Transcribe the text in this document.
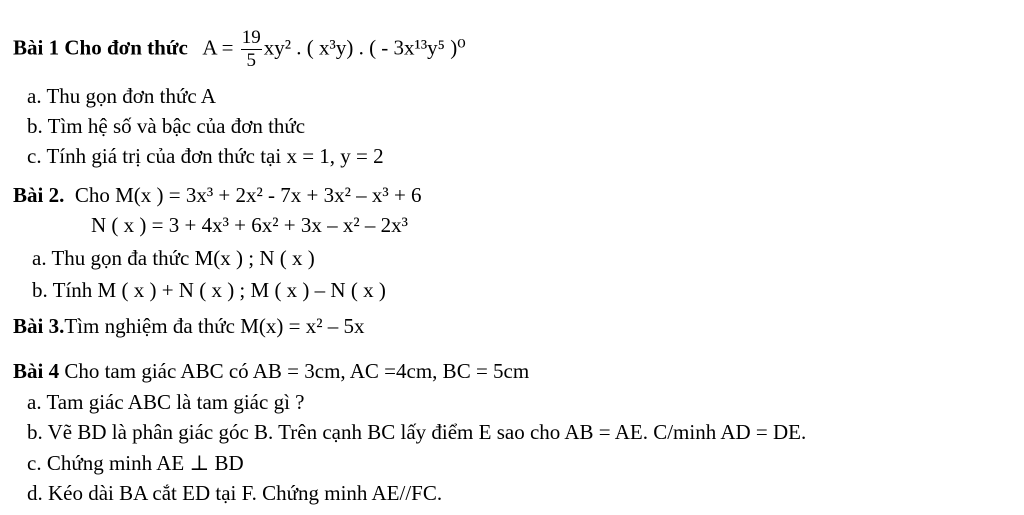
Bài 1 Cho đơn thức $A = \frac{19}{5} xy^2$ . ( x³y) . ( - 3x¹³y⁵ )⁰
a. Thu gọn đơn thức A
b. Tìm hệ số và bậc của đơn thức
c. Tính giá trị của đơn thức tại x = 1, y = 2
Bài 2. Cho M(x ) = 3x³ + 2x² - 7x + 3x² – x³ + 6
N ( x ) = 3 + 4x³ + 6x² + 3x – x² – 2x³
a. Thu gọn đa thức M(x ) ; N ( x )
b. Tính M ( x ) + N ( x ) ; M ( x ) – N ( x )
Bài 3.Tìm nghiệm đa thức M(x) = x² – 5x
Bài 4 Cho tam giác ABC có AB = 3cm, AC =4cm, BC = 5cm
a. Tam giác ABC là tam giác gì ?
b. Vẽ BD là phân giác góc B. Trên cạnh BC lấy điểm E sao cho AB = AE. C/minh AD = DE.
c. Chứng minh AE ⊥ BD
d. Kéo dài BA cắt ED tại F. Chứng minh AE//FC.
